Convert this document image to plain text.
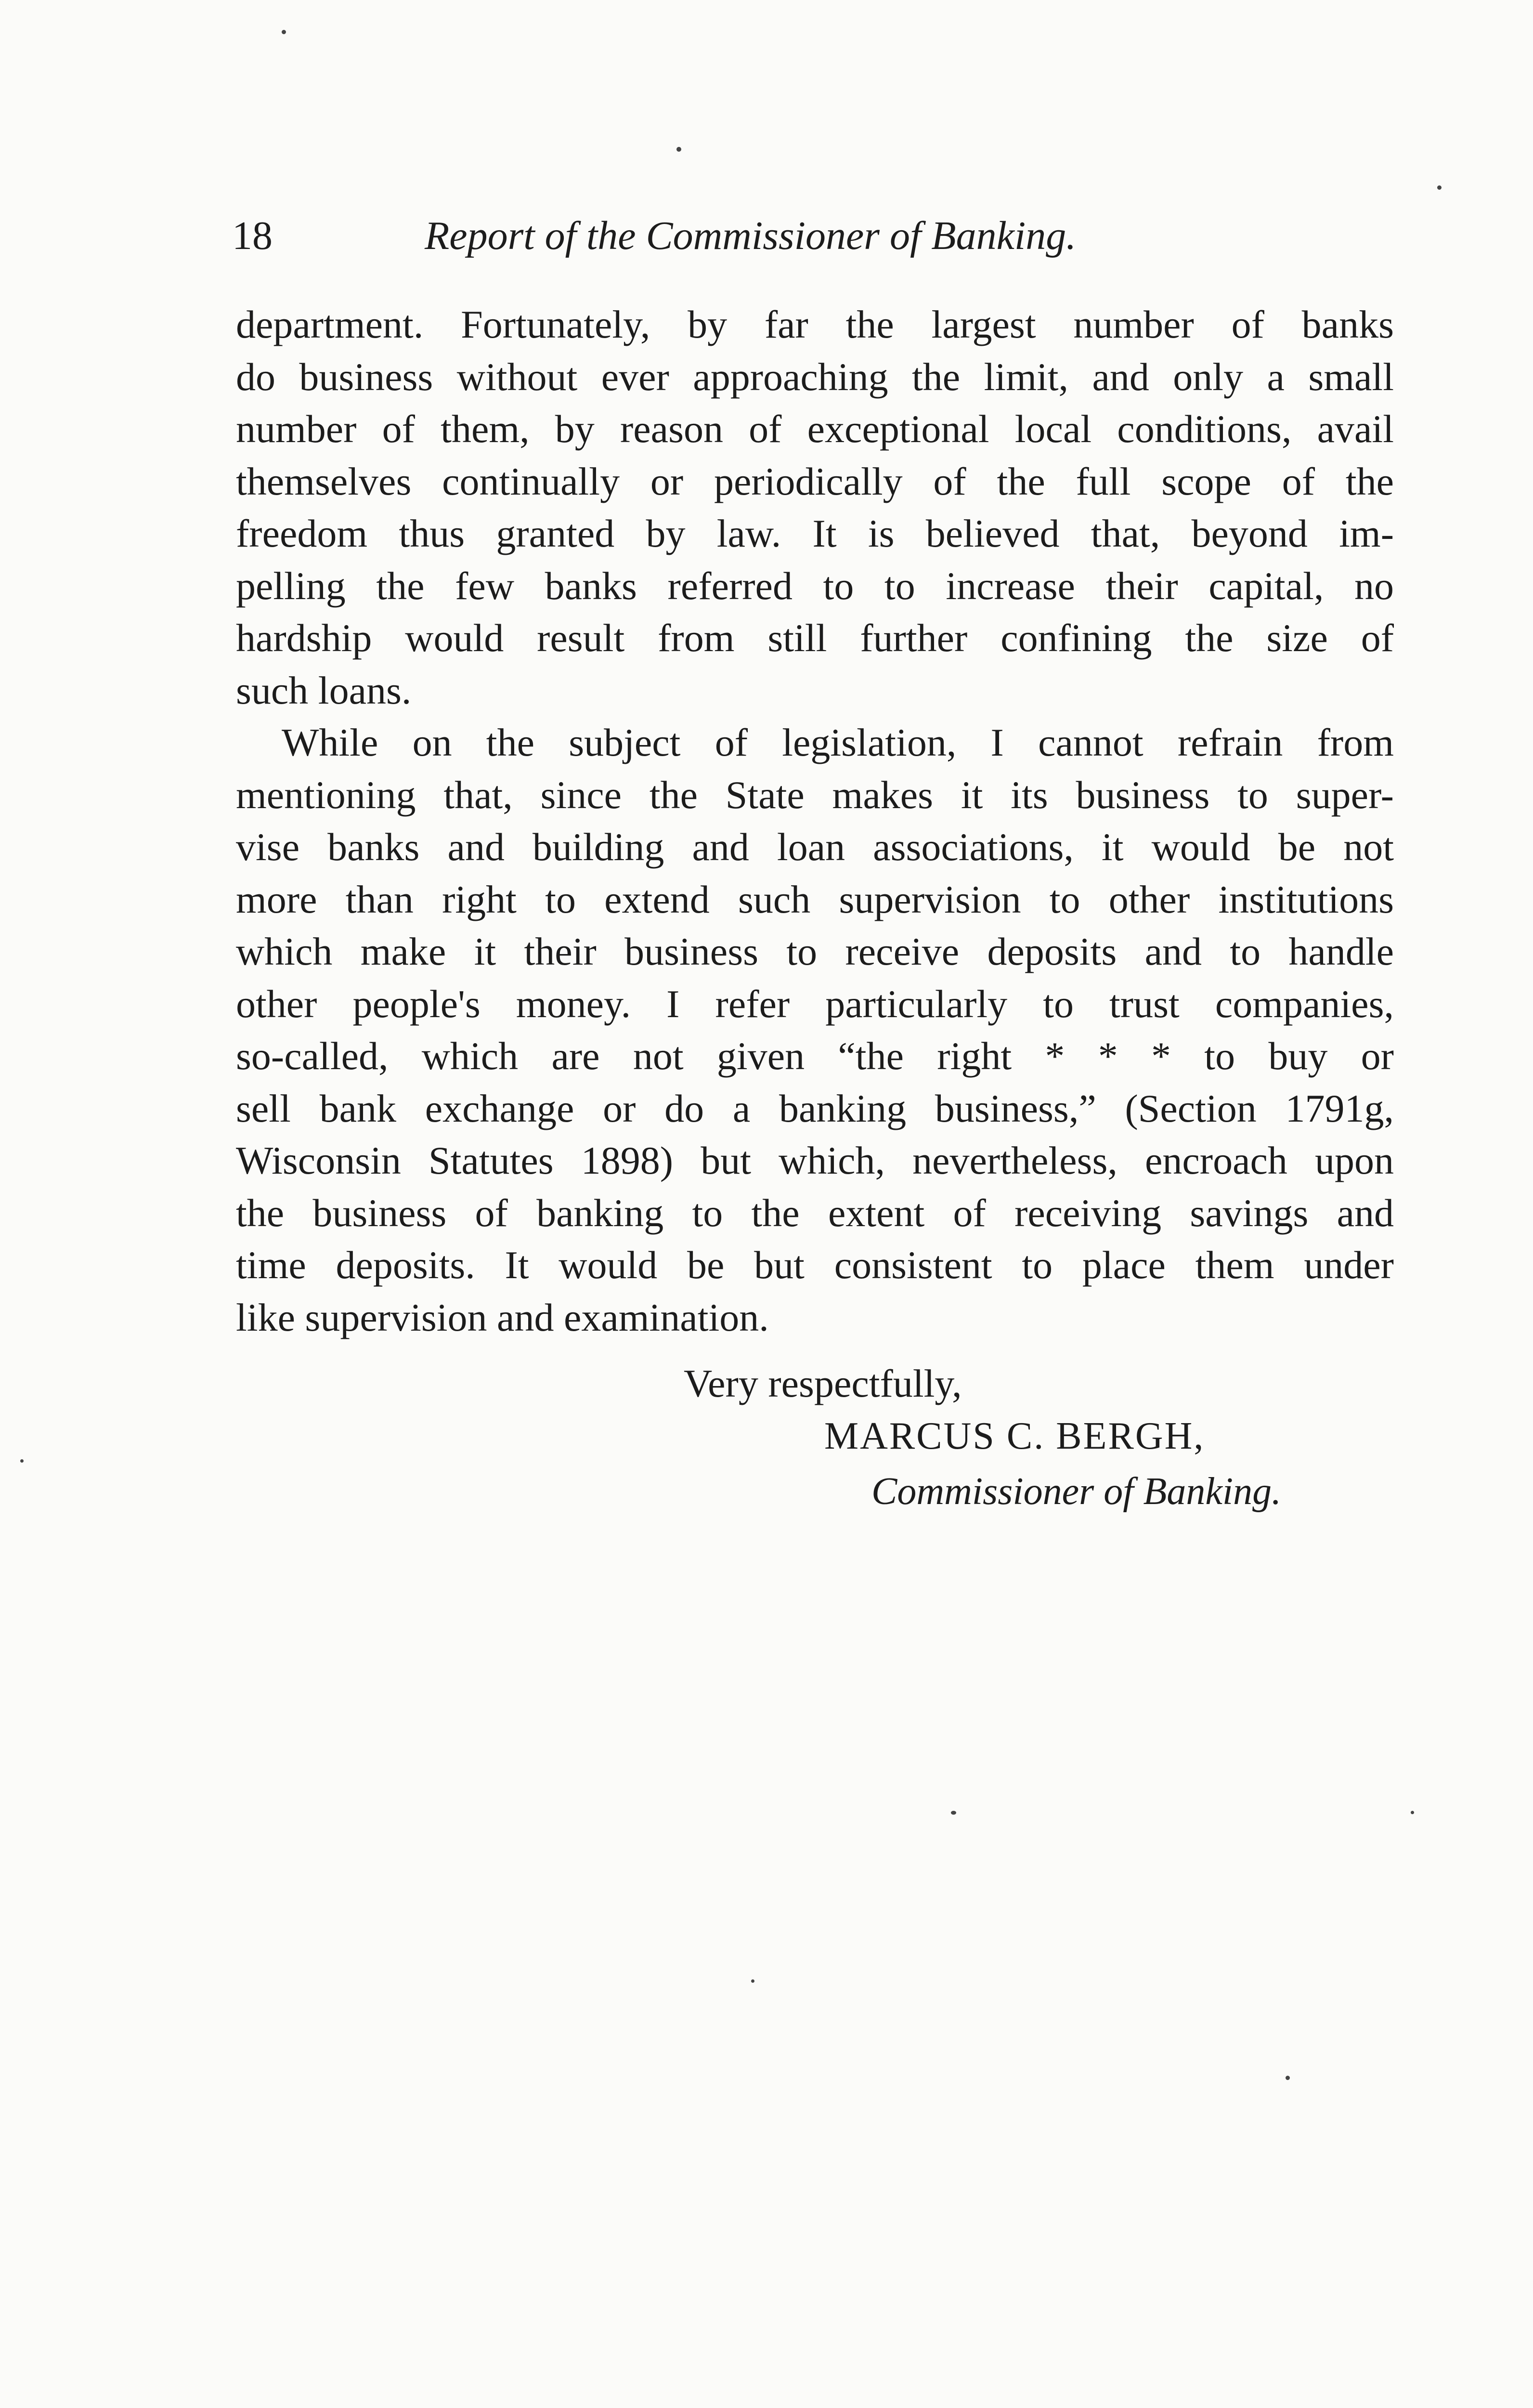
18	Report of the Commissioner of Banking.
department. Fortunately, by far the largest number of banks
do business without ever approaching the limit, and only a small
number of them, by reason of exceptional local conditions, avail
themselves continually or periodically of the full scope of the
freedom thus granted by law. It is believed that, beyond im-
pelling the few banks referred to to increase their capital, no
hardship would result from still further confining the size of
such loans.
While on the subject of legislation, I cannot refrain from
mentioning that, since the State makes it its business to super-
vise banks and building and loan associations, it would be not
more than right to extend such supervision to other institutions
which make it their business to receive deposits and to handle
other people's money. I refer particularly to trust companies,
so-called, which are not given “the right * * * to buy or
sell bank exchange or do a banking business,” (Section 1791g,
Wisconsin Statutes 1898) but which, nevertheless, encroach upon
the business of banking to the extent of receiving savings and
time deposits. It would be but consistent to place them under
like supervision and examination.
Very respectfully,
MARCUS C. BERGH,
Commissioner of Banking.
